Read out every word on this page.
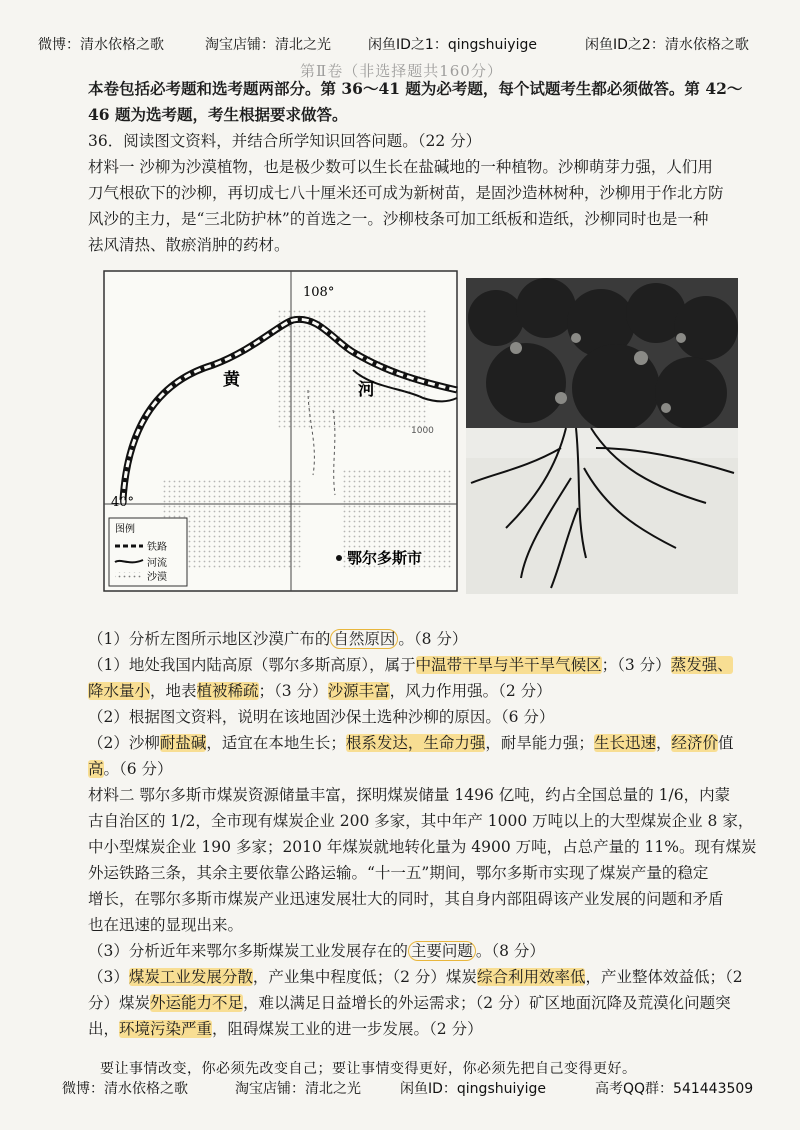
微博：清水依格之歌	淘宝店铺：清北之光	闲鱼ID之1：qingshuiyige	闲鱼ID之2：清水依格之歌
第Ⅱ卷（非选择题共160分）

本卷包括必考题和选考题两部分。第 36～41 题为必考题，每个试题考生都必须做答。第 42～

46 题为选考题，考生根据要求做答。

36．阅读图文资料，并结合所学知识回答问题。（22 分）

材料一 沙柳为沙漠植物，也是极少数可以生长在盐碱地的一种植物。沙柳萌芽力强，人们用

刀气根砍下的沙柳，再切成七八十厘米还可成为新树苗，是固沙造林树种，沙柳用于作北方防

风沙的主力，是“三北防护林”的首选之一。沙柳枝条可加工纸板和造纸，沙柳同时也是一种

祛风清热、散瘀消肿的药材。

108°
40°
黄	河
1000
鄂尔多斯市
图例
铁路
河流
沙漠

（1）分析左图所示地区沙漠广布的 自然原因 。（8 分）

（1）地处我国内陆高原（鄂尔多斯高原），属于中温带干旱与半干旱气候区；（3 分）蒸发强、

降水量小，地表植被稀疏；（3 分）沙源丰富，风力作用强。（2 分）

（2）根据图文资料，说明在该地固沙保土选种沙柳的原因。（6 分）

（2）沙柳耐盐碱，适宜在本地生长；根系发达，生命力强，耐旱能力强；生长迅速，经济价值

高。（6 分）

材料二 鄂尔多斯市煤炭资源储量丰富，探明煤炭储量 1496 亿吨，约占全国总量的 1/6，内蒙

古自治区的 1/2，全市现有煤炭企业 200 多家，其中年产 1000 万吨以上的大型煤炭企业 8 家，

中小型煤炭企业 190 多家；2010 年煤炭就地转化量为 4900 万吨，占总产量的 11%。现有煤炭

外运铁路三条，其余主要依靠公路运输。“十一五”期间，鄂尔多斯市实现了煤炭产量的稳定

增长，在鄂尔多斯市煤炭产业迅速发展壮大的同时，其自身内部阻碍该产业发展的问题和矛盾

也在迅速的显现出来。

（3）分析近年来鄂尔多斯煤炭工业发展存在的 主要问题 。（8 分）

（3）煤炭工业发展分散，产业集中程度低；（2 分）煤炭综合利用效率低，产业整体效益低；（2

分）煤炭外运能力不足，难以满足日益增长的外运需求；（2 分）矿区地面沉降及荒漠化问题突

出，环境污染严重，阻碍煤炭工业的进一步发展。（2 分）

要让事情改变，你必须先改变自己；要让事情变得更好，你必须先把自己变得更好。
微博：清水依格之歌	淘宝店铺：清北之光	闲鱼ID：qingshuiyige	高考QQ群：541443509
